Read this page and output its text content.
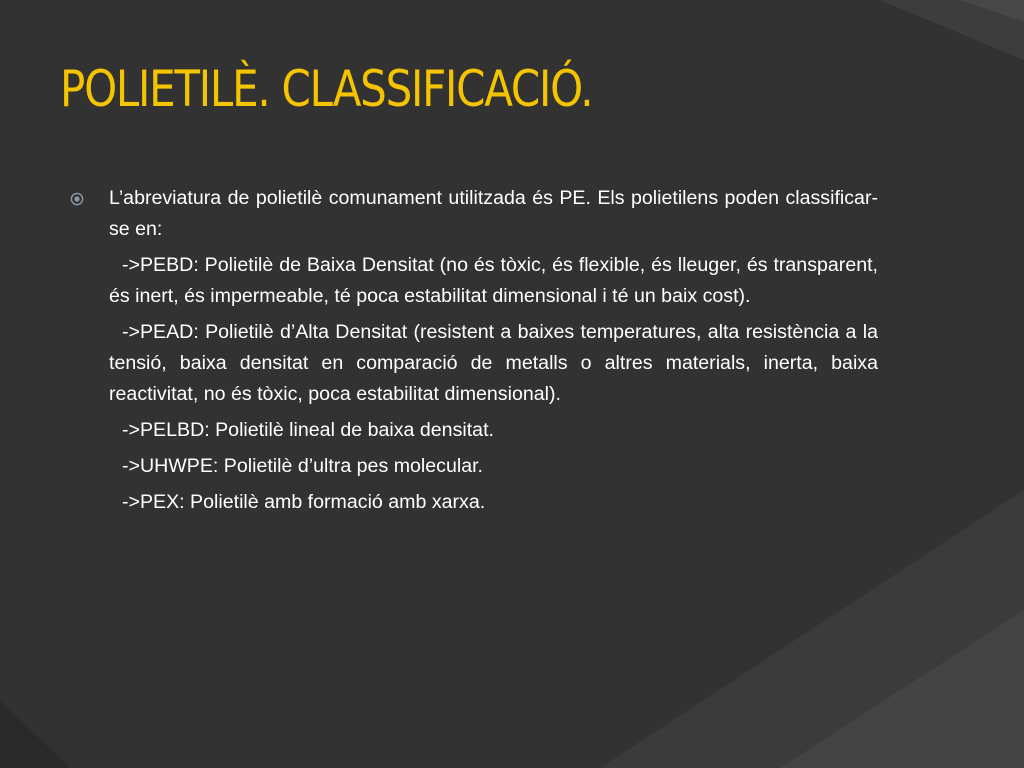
POLIETILÈ. CLASSIFICACIÓ.

L’abreviatura de polietilè comunament utilitzada és PE. Els polietilens poden classificar-se en:

->PEBD: Polietilè de Baixa Densitat (no és tòxic, és flexible, és lleuger, és transparent, és inert, és impermeable, té poca estabilitat dimensional i té un baix cost).

->PEAD: Polietilè d’Alta Densitat (resistent a baixes temperatures, alta resistència a la tensió, baixa densitat en comparació de metalls o altres materials, inerta, baixa reactivitat, no és tòxic, poca estabilitat dimensional).

->PELBD: Polietilè lineal de baixa densitat.

->UHWPE: Polietilè d’ultra pes molecular.

->PEX: Polietilè amb formació amb xarxa.
